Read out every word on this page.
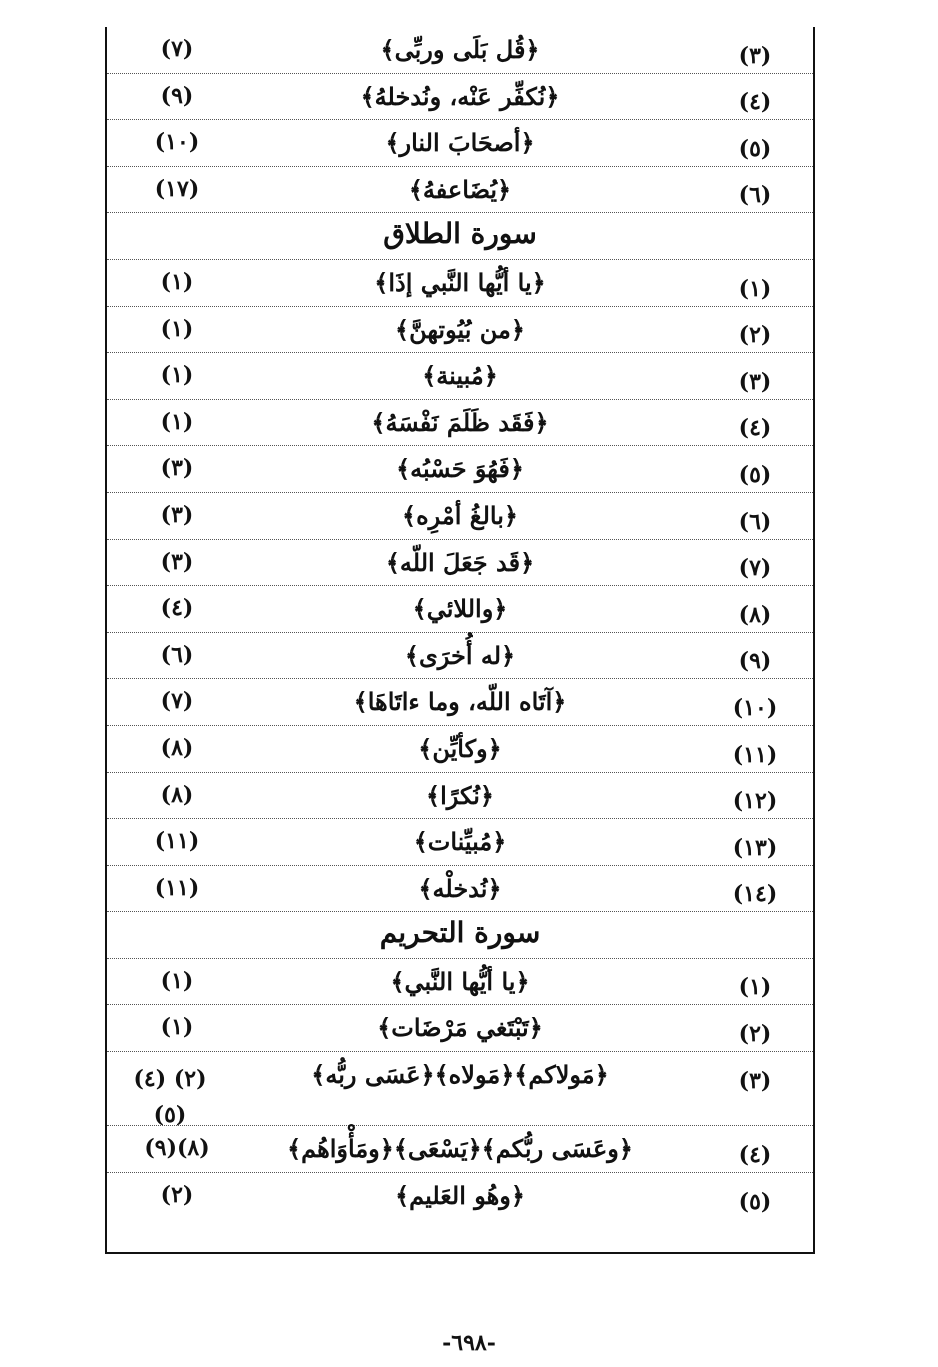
(٣)
﴿قُل بَلَى وربِّى﴾
(٧)
(٤)
﴿نُكفِّر عَنْه، ونُدخلهُ﴾
(٩)
(٥)
﴿أصحَابَ النار﴾
(١٠)
(٦)
﴿يُضَاعفهُ﴾
(١٧)
سورة الطلاق
(١)
﴿يا أيُّها النَّبي إذَا﴾
(١)
(٢)
﴿من بُيُوتهنَّ﴾
(١)
(٣)
﴿مُبينة﴾
(١)
(٤)
﴿فَقَد ظَلَمَ نَفْسَهُ﴾
(١)
(٥)
﴿فَهُوَ حَسْبُه﴾
(٣)
(٦)
﴿بالغُ أمْرِه﴾
(٣)
(٧)
﴿قَد جَعَلَ اللّه﴾
(٣)
(٨)
﴿واللائي﴾
(٤)
(٩)
﴿له أُخرَى﴾
(٦)
(١٠)
﴿آتَاه اللّه، وما ءاتَاهَا﴾
(٧)
(١١)
﴿وكأيِّن﴾
(٨)
(١٢)
﴿نُكرًا﴾
(٨)
(١٣)
﴿مُبيِّنات﴾
(١١)
(١٤)
﴿نُدخلْه﴾
(١١)
سورة التحريم
(١)
﴿يا أيُّها النَّبي﴾
(١)
(٢)
﴿تَبْتَغي مَرْضَات﴾
(١)
(٣)
﴿مَولاكم﴾﴿مَولاه﴾﴿عَسَى ربُّه﴾
(٢) (٤)
(٥)
(٤)
﴿وعَسَى ربُّكم﴾﴿يَسْعَى﴾﴿ومَأْوَاهُم﴾
(٨)(٩)
(٥)
﴿وهُو العَليم﴾
(٢)
-٦٩٨-
